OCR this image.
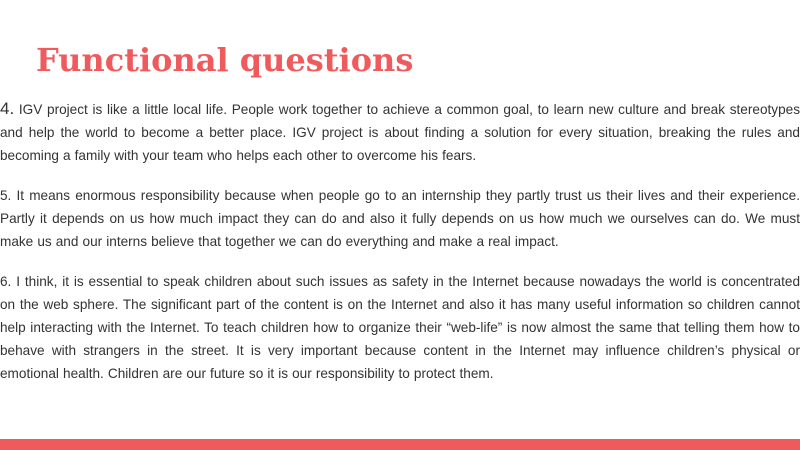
Functional questions

4. IGV project is like a little local life. People work together to achieve a common goal, to learn new culture and break stereotypes and help the world to become a better place. IGV project is about finding a solution for every situation, breaking the rules and becoming a family with your team who helps each other to overcome his fears.

5. It means enormous responsibility because when people go to an internship they partly trust us their lives and their experience. Partly it depends on us how much impact they can do and also it fully depends on us how much we ourselves can do. We must make us and our interns believe that together we can do everything and make a real impact.

6. I think, it is essential to speak children about such issues as safety in the Internet because nowadays the world is concentrated on the web sphere. The significant part of the content is on the Internet and also it has many useful information so children cannot help interacting with the Internet. To teach children how to organize their “web-life” is now almost the same that telling them how to behave with strangers in the street. It is very important because content in the Internet may influence children’s physical or emotional health. Children are our future so it is our responsibility to protect them.
